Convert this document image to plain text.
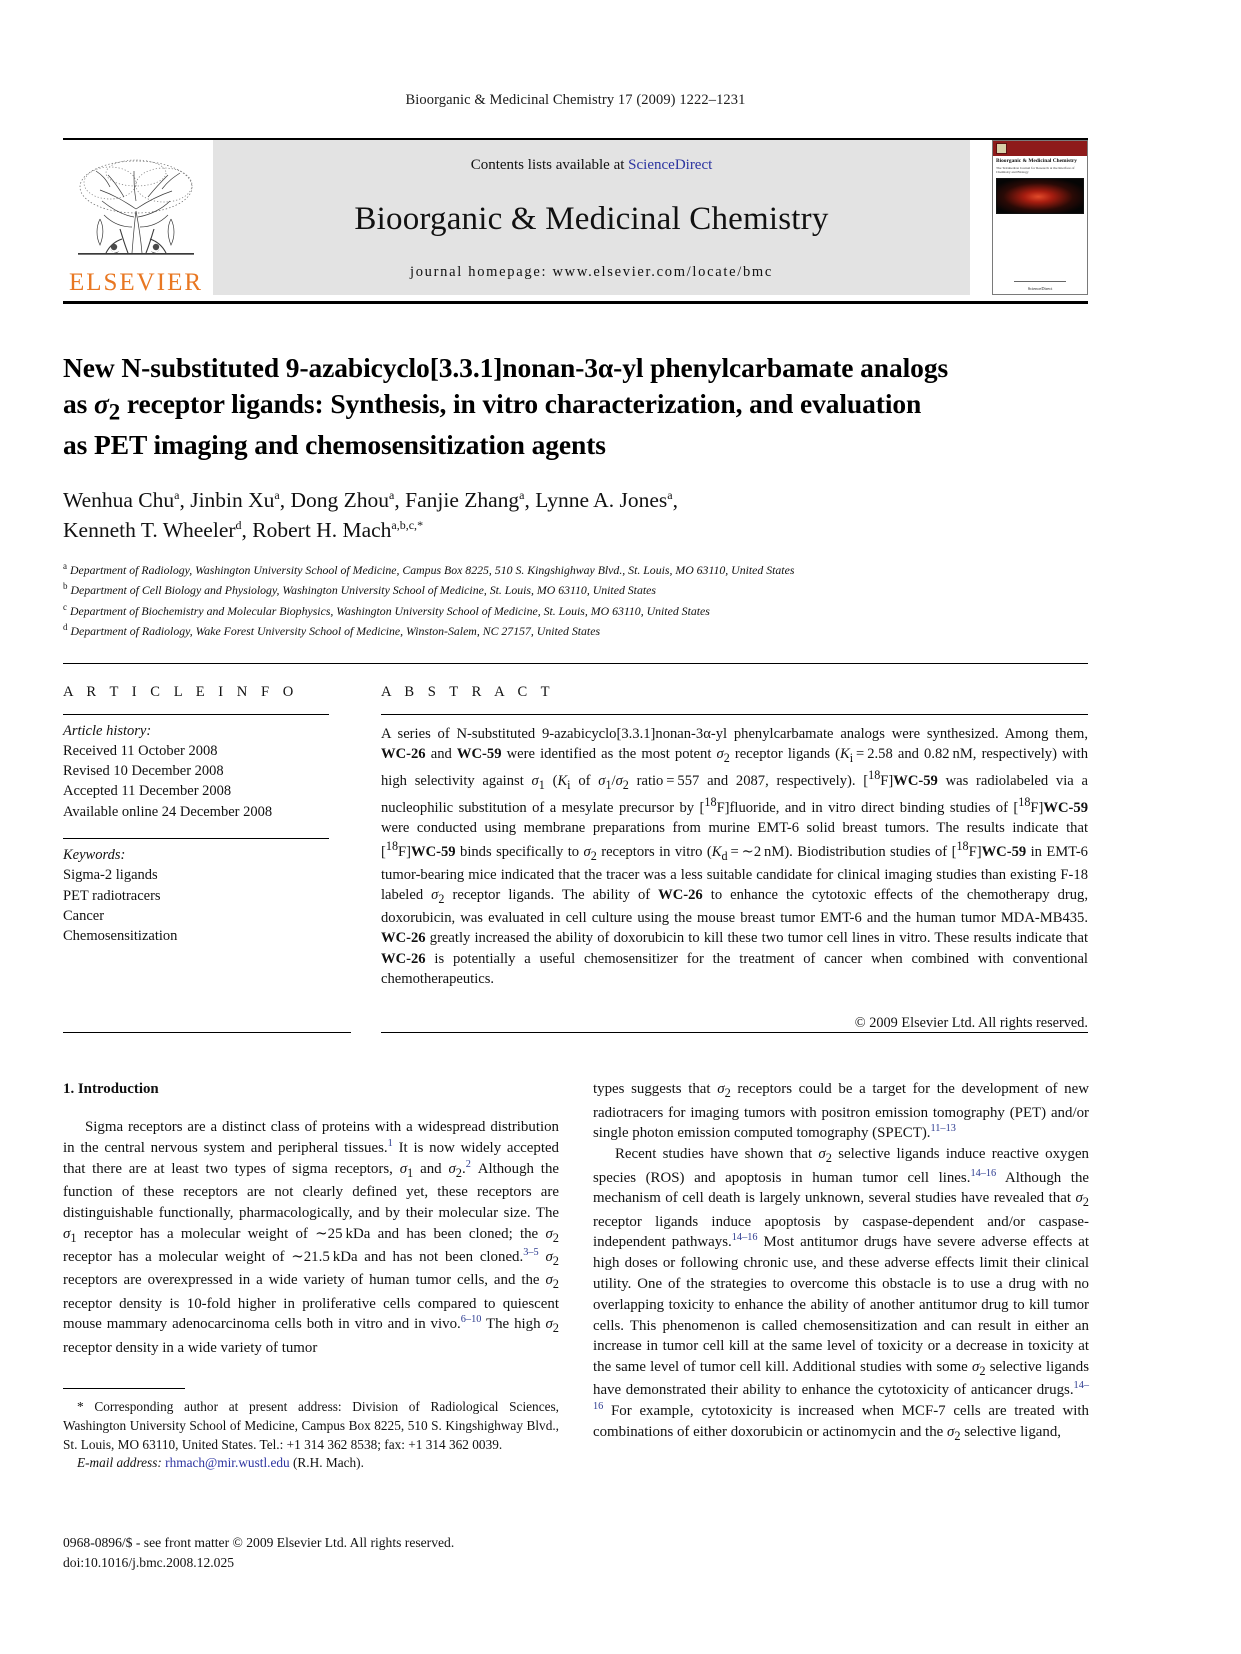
Bioorganic & Medicinal Chemistry 17 (2009) 1222–1231
ELSEVIER
Contents lists available at ScienceDirect
Bioorganic & Medicinal Chemistry
journal homepage: www.elsevier.com/locate/bmc
Bioorganic & Medicinal Chemistry
The Tetrahedron Journal for Research at the Interface of Chemistry and Biology
ScienceDirect
New N-substituted 9-azabicyclo[3.3.1]nonan-3α-yl phenylcarbamate analogs
as $\sigma_2$ receptor ligands: Synthesis, in vitro characterization, and evaluation
as PET imaging and chemosensitization agents
Wenhua Chu$^a$, Jinbin Xu$^a$, Dong Zhou$^a$, Fanjie Zhang$^a$, Lynne A. Jones$^a$,
Kenneth T. Wheeler$^d$, Robert H. Mach$^{a,b,c,*}$
$^a$ Department of Radiology, Washington University School of Medicine, Campus Box 8225, 510 S. Kingshighway Blvd., St. Louis, MO 63110, United States
$^b$ Department of Cell Biology and Physiology, Washington University School of Medicine, St. Louis, MO 63110, United States
$^c$ Department of Biochemistry and Molecular Biophysics, Washington University School of Medicine, St. Louis, MO 63110, United States
$^d$ Department of Radiology, Wake Forest University School of Medicine, Winston-Salem, NC 27157, United States
A R T I C L E I N F O
Article history:
Received 11 October 2008
Revised 10 December 2008
Accepted 11 December 2008
Available online 24 December 2008
Keywords:
Sigma-2 ligands
PET radiotracers
Cancer
Chemosensitization
A B S T R A C T
A series of N-substituted 9-azabicyclo[3.3.1]nonan-3α-yl phenylcarbamate analogs were synthesized. Among them, WC-26 and WC-59 were identified as the most potent $\sigma_2$ receptor ligands ($K_i = 2.58$ and 0.82 nM, respectively) with high selectivity against $\sigma_1$ ($K_i$ of $\sigma_1/\sigma_2$ ratio = 557 and 2087, respectively). [$^{18}$F]WC-59 was radiolabeled via a nucleophilic substitution of a mesylate precursor by [$^{18}$F]fluoride, and in vitro direct binding studies of [$^{18}$F]WC-59 were conducted using membrane preparations from murine EMT-6 solid breast tumors. The results indicate that [$^{18}$F]WC-59 binds specifically to $\sigma_2$ receptors in vitro ($K_d$ = ∼2 nM). Biodistribution studies of [$^{18}$F]WC-59 in EMT-6 tumor-bearing mice indicated that the tracer was a less suitable candidate for clinical imaging studies than existing F-18 labeled $\sigma_2$ receptor ligands. The ability of WC-26 to enhance the cytotoxic effects of the chemotherapy drug, doxorubicin, was evaluated in cell culture using the mouse breast tumor EMT-6 and the human tumor MDA-MB435. WC-26 greatly increased the ability of doxorubicin to kill these two tumor cell lines in vitro. These results indicate that WC-26 is potentially a useful chemosensitizer for the treatment of cancer when combined with conventional chemotherapeutics.
© 2009 Elsevier Ltd. All rights reserved.
1. Introduction

Sigma receptors are a distinct class of proteins with a widespread distribution in the central nervous system and peripheral tissues.$^1$ It is now widely accepted that there are at least two types of sigma receptors, $\sigma_1$ and $\sigma_2.^2$ Although the function of these receptors are not clearly defined yet, these receptors are distinguishable functionally, pharmacologically, and by their molecular size. The $\sigma_1$ receptor has a molecular weight of ∼25 kDa and has been cloned; the $\sigma_2$ receptor has a molecular weight of ∼21.5 kDa and has not been cloned.$^{3-5}$ $\sigma_2$ receptors are overexpressed in a wide variety of human tumor cells, and the $\sigma_2$ receptor density is 10-fold higher in proliferative cells compared to quiescent mouse mammary adenocarcinoma cells both in vitro and in vivo.$^{6-10}$ The high $\sigma_2$ receptor density in a wide variety of tumor

* Corresponding author at present address: Division of Radiological Sciences, Washington University School of Medicine, Campus Box 8225, 510 S. Kingshighway Blvd., St. Louis, MO 63110, United States. Tel.: +1 314 362 8538; fax: +1 314 362 0039.

E-mail address: rhmach@mir.wustl.edu (R.H. Mach).

types suggests that $\sigma_2$ receptors could be a target for the development of new radiotracers for imaging tumors with positron emission tomography (PET) and/or single photon emission computed tomography (SPECT).$^{11-13}$

Recent studies have shown that $\sigma_2$ selective ligands induce reactive oxygen species (ROS) and apoptosis in human tumor cell lines.$^{14-16}$ Although the mechanism of cell death is largely unknown, several studies have revealed that $\sigma_2$ receptor ligands induce apoptosis by caspase-dependent and/or caspase-independent pathways.$^{14-16}$ Most antitumor drugs have severe adverse effects at high doses or following chronic use, and these adverse effects limit their clinical utility. One of the strategies to overcome this obstacle is to use a drug with no overlapping toxicity to enhance the ability of another antitumor drug to kill tumor cells. This phenomenon is called chemosensitization and can result in either an increase in tumor cell kill at the same level of toxicity or a decrease in toxicity at the same level of tumor cell kill. Additional studies with some $\sigma_2$ selective ligands have demonstrated their ability to enhance the cytotoxicity of anticancer drugs.$^{14-16}$ For example, cytotoxicity is increased when MCF-7 cells are treated with combinations of either doxorubicin or actinomycin and the $\sigma_2$ selective ligand,

0968-0896/$ - see front matter © 2009 Elsevier Ltd. All rights reserved.
doi:10.1016/j.bmc.2008.12.025
